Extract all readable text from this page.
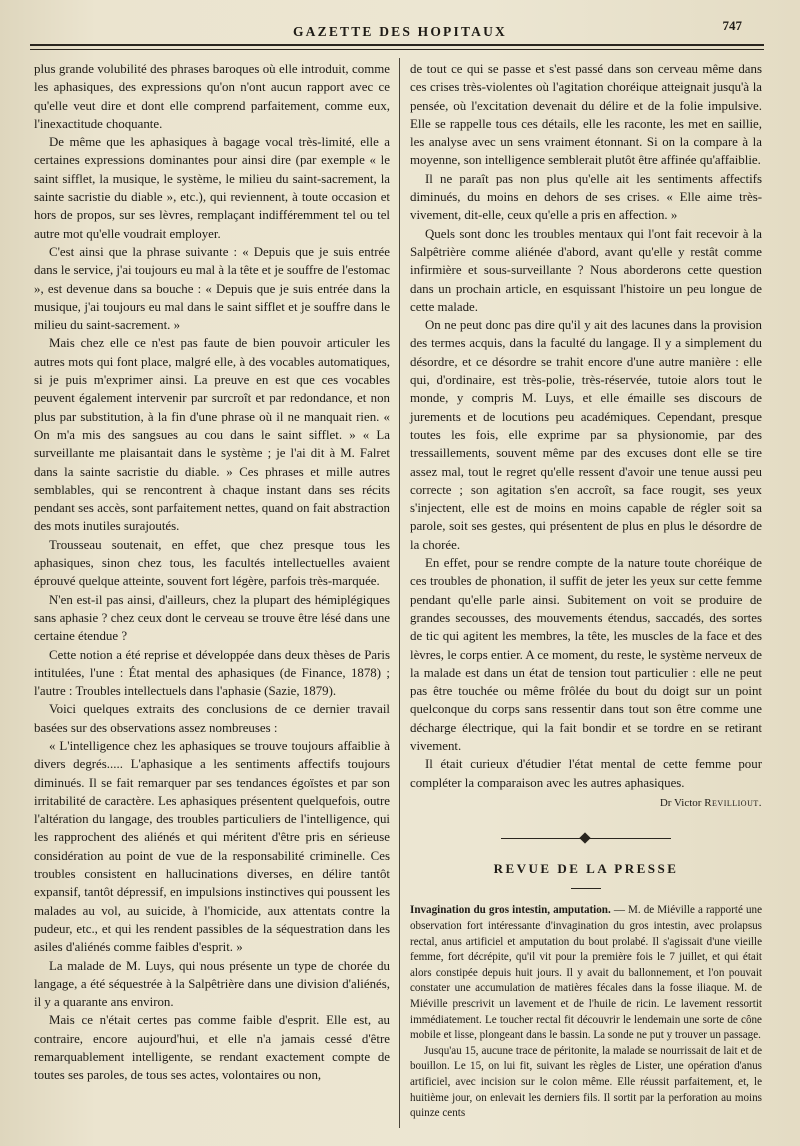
GAZETTE DES HOPITAUX	747

plus grande volubilité des phrases baroques où elle introduit, comme les aphasiques, des expressions qu'on n'ont aucun rapport avec ce qu'elle veut dire et dont elle comprend parfaitement, comme eux, l'inexactitude choquante.

De même que les aphasiques à bagage vocal très-limité, elle a certaines expressions dominantes pour ainsi dire (par exemple « le saint sifflet, la musique, le système, le milieu du saint-sacrement, la sainte sacristie du diable », etc.), qui reviennent, à toute occasion et hors de propos, sur ses lèvres, remplaçant indifféremment tel ou tel autre mot qu'elle voudrait employer.

C'est ainsi que la phrase suivante : « Depuis que je suis entrée dans le service, j'ai toujours eu mal à la tête et je souffre de l'estomac », est devenue dans sa bouche : « Depuis que je suis entrée dans la musique, j'ai toujours eu mal dans le saint sifflet et je souffre dans le milieu du saint-sacrement. »

Mais chez elle ce n'est pas faute de bien pouvoir articuler les autres mots qui font place, malgré elle, à des vocables automatiques, si je puis m'exprimer ainsi. La preuve en est que ces vocables peuvent également intervenir par surcroît et par redondance, et non plus par substitution, à la fin d'une phrase où il ne manquait rien. « On m'a mis des sangsues au cou dans le saint sifflet. » « La surveillante me plaisantait dans le système ; je l'ai dit à M. Falret dans la sainte sacristie du diable. » Ces phrases et mille autres semblables, qui se rencontrent à chaque instant dans ses récits pendant ses accès, sont parfaitement nettes, quand on fait abstraction des mots inutiles surajoutés.

Trousseau soutenait, en effet, que chez presque tous les aphasiques, sinon chez tous, les facultés intellectuelles avaient éprouvé quelque atteinte, souvent fort légère, parfois très-marquée.

N'en est-il pas ainsi, d'ailleurs, chez la plupart des hémiplégiques sans aphasie ? chez ceux dont le cerveau se trouve être lésé dans une certaine étendue ?

Cette notion a été reprise et développée dans deux thèses de Paris intitulées, l'une : État mental des aphasiques (de Finance, 1878) ; l'autre : Troubles intellectuels dans l'aphasie (Sazie, 1879).

Voici quelques extraits des conclusions de ce dernier travail basées sur des observations assez nombreuses :

« L'intelligence chez les aphasiques se trouve toujours affaiblie à divers degrés..... L'aphasique a les sentiments affectifs toujours diminués. Il se fait remarquer par ses tendances égoïstes et par son irritabilité de caractère. Les aphasiques présentent quelquefois, outre l'altération du langage, des troubles particuliers de l'intelligence, qui les rapprochent des aliénés et qui méritent d'être pris en sérieuse considération au point de vue de la responsabilité criminelle. Ces troubles consistent en hallucinations diverses, en délire tantôt expansif, tantôt dépressif, en impulsions instinctives qui poussent les malades au vol, au suicide, à l'homicide, aux attentats contre la pudeur, etc., et qui les rendent passibles de la séquestration dans les asiles d'aliénés comme faibles d'esprit. »

La malade de M. Luys, qui nous présente un type de chorée du langage, a été séquestrée à la Salpêtrière dans une division d'aliénés, il y a quarante ans environ.

Mais ce n'était certes pas comme faible d'esprit. Elle est, au contraire, encore aujourd'hui, et elle n'a jamais cessé d'être remarquablement intelligente, se rendant exactement compte de toutes ses paroles, de tous ses actes, volontaires ou non,

de tout ce qui se passe et s'est passé dans son cerveau même dans ces crises très-violentes où l'agitation choréique atteignait jusqu'à la pensée, où l'excitation devenait du délire et de la folie impulsive. Elle se rappelle tous ces détails, elle les raconte, les met en saillie, les analyse avec un sens vraiment étonnant. Si on la compare à la moyenne, son intelligence semblerait plutôt être affinée qu'affaiblie.

Il ne paraît pas non plus qu'elle ait les sentiments affectifs diminués, du moins en dehors de ses crises. « Elle aime très-vivement, dit-elle, ceux qu'elle a pris en affection. »

Quels sont donc les troubles mentaux qui l'ont fait recevoir à la Salpêtrière comme aliénée d'abord, avant qu'elle y restât comme infirmière et sous-surveillante ? Nous aborderons cette question dans un prochain article, en esquissant l'histoire un peu longue de cette malade.

On ne peut donc pas dire qu'il y ait des lacunes dans la provision des termes acquis, dans la faculté du langage. Il y a simplement du désordre, et ce désordre se trahit encore d'une autre manière : elle qui, d'ordinaire, est très-polie, très-réservée, tutoie alors tout le monde, y compris M. Luys, et elle émaille ses discours de jurements et de locutions peu académiques. Cependant, presque toutes les fois, elle exprime par sa physionomie, par des tressaillements, souvent même par des excuses dont elle se tire assez mal, tout le regret qu'elle ressent d'avoir une tenue aussi peu correcte ; son agitation s'en accroît, sa face rougit, ses yeux s'injectent, elle est de moins en moins capable de régler soit sa parole, soit ses gestes, qui présentent de plus en plus le désordre de la chorée.

En effet, pour se rendre compte de la nature toute choréique de ces troubles de phonation, il suffit de jeter les yeux sur cette femme pendant qu'elle parle ainsi. Subitement on voit se produire de grandes secousses, des mouvements étendus, saccadés, des sortes de tic qui agitent les membres, la tête, les muscles de la face et des lèvres, le corps entier. A ce moment, du reste, le système nerveux de la malade est dans un état de tension tout particulier : elle ne peut pas être touchée ou même frôlée du bout du doigt sur un point quelconque du corps sans ressentir dans tout son être comme une décharge électrique, qui la fait bondir et se tordre en se retirant vivement.

Il était curieux d'étudier l'état mental de cette femme pour compléter la comparaison avec les autres aphasiques.

Dr Victor Revilliout.
REVUE DE LA PRESSE

Invagination du gros intestin, amputation. — M. de Miéville a rapporté une observation fort intéressante d'invagination du gros intestin, avec prolapsus rectal, anus artificiel et amputation du bout prolabé. Il s'agissait d'une vieille femme, fort décrépite, qu'il vit pour la première fois le 7 juillet, et qui était alors constipée depuis huit jours. Il y avait du ballonnement, et l'on pouvait constater une accumulation de matières fécales dans la fosse iliaque. M. de Miéville prescrivit un lavement et de l'huile de ricin. Le lavement ressortit immédiatement. Le toucher rectal fit découvrir le lendemain une sorte de cône mobile et lisse, plongeant dans le bassin. La sonde ne put y trouver un passage.

Jusqu'au 15, aucune trace de péritonite, la malade se nourrissait de lait et de bouillon. Le 15, on lui fit, suivant les règles de Lister, une opération d'anus artificiel, avec incision sur le colon même. Elle réussit parfaitement, et, le huitième jour, on enlevait les derniers fils. Il sortit par la perforation au moins quinze cents
